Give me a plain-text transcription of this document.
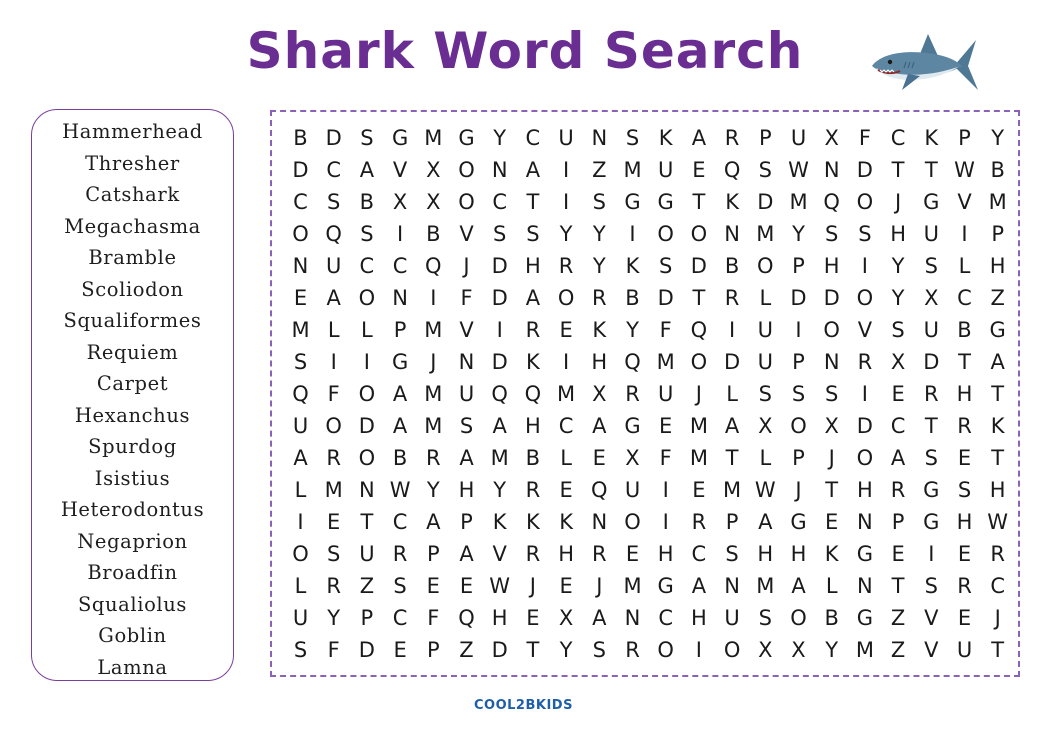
Shark Word Search
Hammerhead
Thresher
Catshark
Megachasma
Bramble
Scoliodon
Squaliformes
Requiem
Carpet
Hexanchus
Spurdog
Isistius
Heterodontus
Negaprion
Broadfin
Squaliolus
Goblin
Lamna
B D S G M G Y C U N S K A R P U X F C K P Y
D C A V X O N A	I	Z M U E Q S W N D T T W B
C S B X X O C T	I	S G G T K D M Q O	J	G V M
O Q S	I	B V S S Y Y	I	O O N M Y S S H U	I	P
N U C C Q	J	D H R Y K S D B O P H	I	Y S L H
E A O N	I	F D A O R B D T R L D D O Y X C Z
M L	L	P M V	I	R E K Y F Q	I	U	I	O V S U B G
S	I	I	G	J	N D K	I	H Q M O D U P N R X D T A
Q F O A M U Q Q M X R U	J	L S S S	I	E R H T
U O D A M S A H C A G E M A X O X D C T R K
A R O B R A M B L E X F M T L	P	J	O A S E T
L M N W Y H Y R E Q U	I	E M W J	T H R G S H
I	E T C A P K K K N O	I	R P A G E N P G H W
O S U R P A V R H R E H C S H H K G E	I	E R
L R Z S E E W J	E	J	M G A N M A L N T S R C
U Y P C F Q H E X A N C H U S O B G Z V E	J
S F D E P Z D T Y S R O	I	O X X Y M Z V U T
COOL2BKIDS
